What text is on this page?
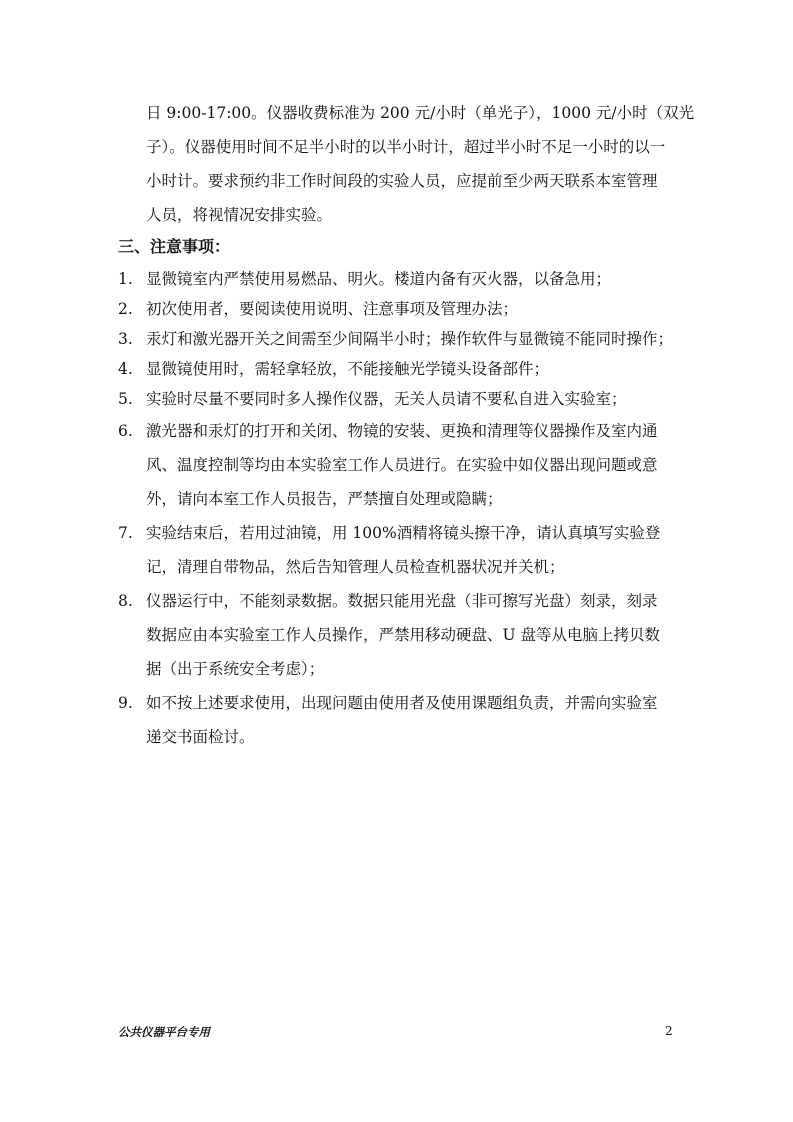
日 9:00-17:00。仪器收费标准为 200 元/小时（单光子），1000 元/小时（双光
子）。仪器使用时间不足半小时的以半小时计，超过半小时不足一小时的以一
小时计。要求预约非工作时间段的实验人员，应提前至少两天联系本室管理
人员，将视情况安排实验。
三、注意事项：
1. 显微镜室内严禁使用易燃品、明火。楼道内备有灭火器，以备急用；
2. 初次使用者，要阅读使用说明、注意事项及管理办法；
3. 汞灯和激光器开关之间需至少间隔半小时；操作软件与显微镜不能同时操作；
4. 显微镜使用时，需轻拿轻放，不能接触光学镜头设备部件；
5. 实验时尽量不要同时多人操作仪器，无关人员请不要私自进入实验室；
6. 激光器和汞灯的打开和关闭、物镜的安装、更换和清理等仪器操作及室内通
风、温度控制等均由本实验室工作人员进行。在实验中如仪器出现问题或意
外，请向本室工作人员报告，严禁擅自处理或隐瞒；
7. 实验结束后，若用过油镜，用 100%酒精将镜头擦干净，请认真填写实验登
记，清理自带物品，然后告知管理人员检查机器状况并关机；
8. 仪器运行中，不能刻录数据。数据只能用光盘（非可擦写光盘）刻录，刻录
数据应由本实验室工作人员操作，严禁用移动硬盘、U 盘等从电脑上拷贝数
据（出于系统安全考虑）；
9. 如不按上述要求使用，出现问题由使用者及使用课题组负责，并需向实验室
递交书面检讨。
公共仪器平台专用	2
